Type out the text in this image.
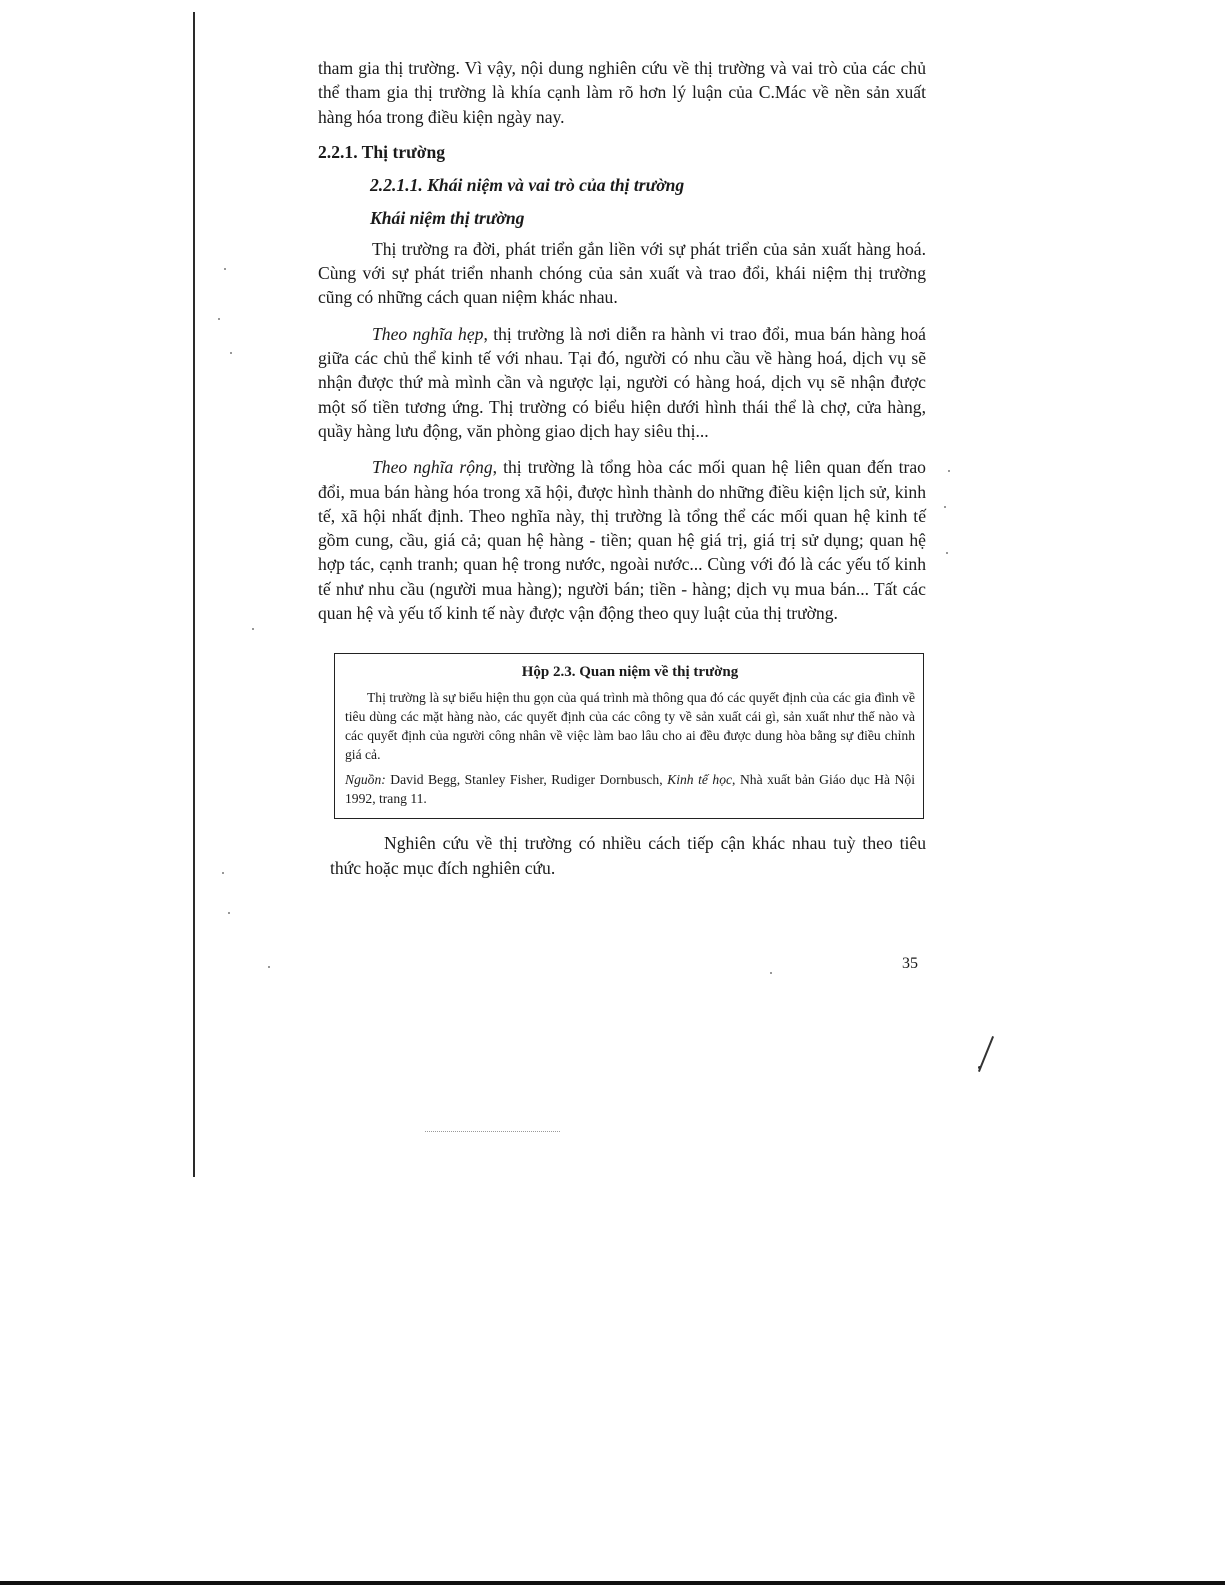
tham gia thị trường. Vì vậy, nội dung nghiên cứu về thị trường và vai trò của các chủ thể tham gia thị trường là khía cạnh làm rõ hơn lý luận của C.Mác về nền sản xuất hàng hóa trong điều kiện ngày nay.

2.2.1. Thị trường
2.2.1.1. Khái niệm và vai trò của thị trường
Khái niệm thị trường

Thị trường ra đời, phát triển gắn liền với sự phát triển của sản xuất hàng hoá. Cùng với sự phát triển nhanh chóng của sản xuất và trao đổi, khái niệm thị trường cũng có những cách quan niệm khác nhau.

Theo nghĩa hẹp, thị trường là nơi diễn ra hành vi trao đổi, mua bán hàng hoá giữa các chủ thể kinh tế với nhau. Tại đó, người có nhu cầu về hàng hoá, dịch vụ sẽ nhận được thứ mà mình cần và ngược lại, người có hàng hoá, dịch vụ sẽ nhận được một số tiền tương ứng. Thị trường có biểu hiện dưới hình thái thể là chợ, cửa hàng, quầy hàng lưu động, văn phòng giao dịch hay siêu thị...

Theo nghĩa rộng, thị trường là tổng hòa các mối quan hệ liên quan đến trao đổi, mua bán hàng hóa trong xã hội, được hình thành do những điều kiện lịch sử, kinh tế, xã hội nhất định. Theo nghĩa này, thị trường là tổng thể các mối quan hệ kinh tế gồm cung, cầu, giá cả; quan hệ hàng - tiền; quan hệ giá trị, giá trị sử dụng; quan hệ hợp tác, cạnh tranh; quan hệ trong nước, ngoài nước... Cùng với đó là các yếu tố kinh tế như nhu cầu (người mua hàng); người bán; tiền - hàng; dịch vụ mua bán... Tất các quan hệ và yếu tố kinh tế này được vận động theo quy luật của thị trường.

Hộp 2.3. Quan niệm về thị trường

Thị trường là sự biểu hiện thu gọn của quá trình mà thông qua đó các quyết định của các gia đình về tiêu dùng các mặt hàng nào, các quyết định của các công ty về sản xuất cái gì, sản xuất như thế nào và các quyết định của người công nhân về việc làm bao lâu cho ai đều được dung hòa bằng sự điều chỉnh giá cả.

Nguồn: David Begg, Stanley Fisher, Rudiger Dornbusch, Kinh tế học, Nhà xuất bản Giáo dục Hà Nội 1992, trang 11.

Nghiên cứu về thị trường có nhiều cách tiếp cận khác nhau tuỳ theo tiêu thức hoặc mục đích nghiên cứu.

35
